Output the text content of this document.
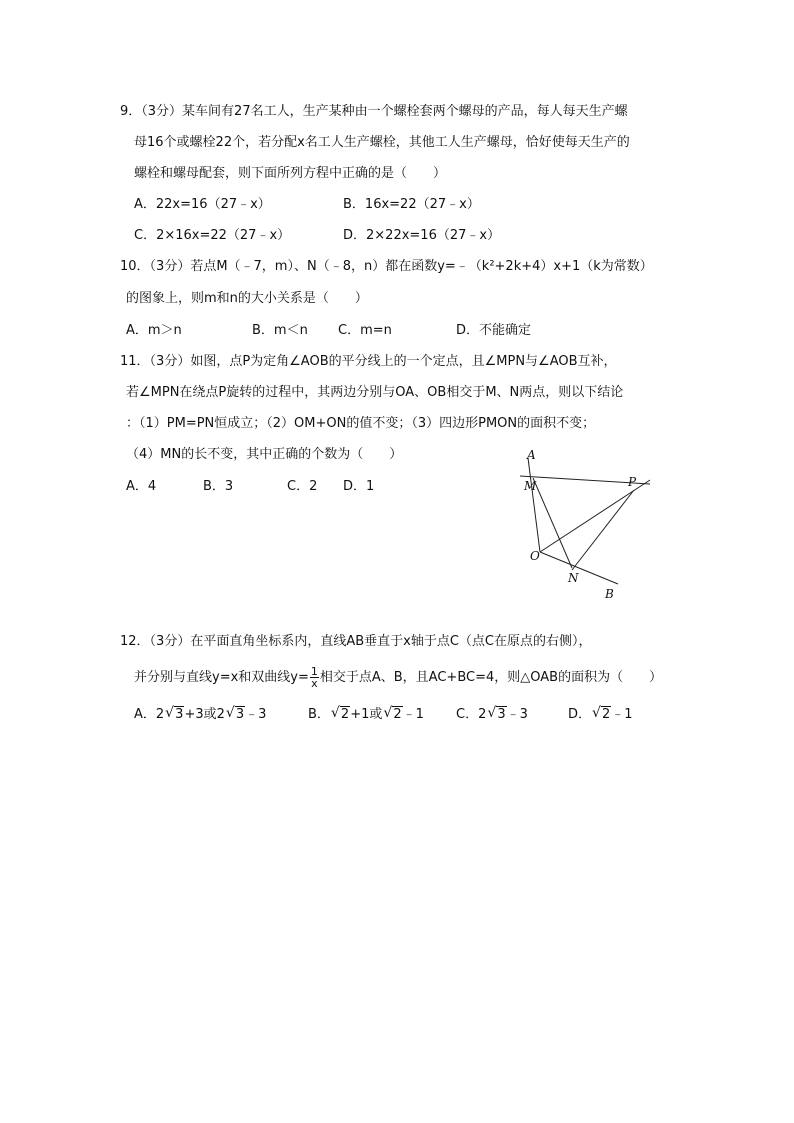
9．（3分）某车间有27名工人，生产某种由一个螺栓套两个螺母的产品，每人每天生产螺
母16个或螺栓22个，若分配x名工人生产螺栓，其他工人生产螺母，恰好使每天生产的
螺栓和螺母配套，则下面所列方程中正确的是（　　）
A．22x=16（27﹣x）	B．16x=22（27﹣x）
C．2×16x=22（27﹣x）	D．2×22x=16（27﹣x）
10．（3分）若点M（﹣7，m）、N（﹣8，n）都在函数y=﹣（k²+2k+4）x+1（k为常数）
的图象上，则m和n的大小关系是（　　）
A．m＞n	B．m＜n C．m=n	D．不能确定
11．（3分）如图，点P为定角∠AOB的平分线上的一个定点，且∠MPN与∠AOB互补，
若∠MPN在绕点P旋转的过程中，其两边分别与OA、OB相交于M、N两点，则以下结论
：（1）PM=PN恒成立；（2）OM+ON的值不变；（3）四边形PMON的面积不变；
（4）MN的长不变，其中正确的个数为（　　）
A．4	B．3	C．2 D．1
A
M	P
O
N
B
12．（3分）在平面直角坐标系内，直线AB垂直于x轴于点C（点C在原点的右侧），
并分别与直线y=x和双曲线$y= \frac{1}{x}$ 相交于点A、B，且AC+BC=4，则△OAB的面积为（　　）
A．2 √ 3+3或2 √ 3﹣3	B． √ 2+1或 √ 2﹣1 C．2 √ 3﹣3	D． √ 2﹣1
